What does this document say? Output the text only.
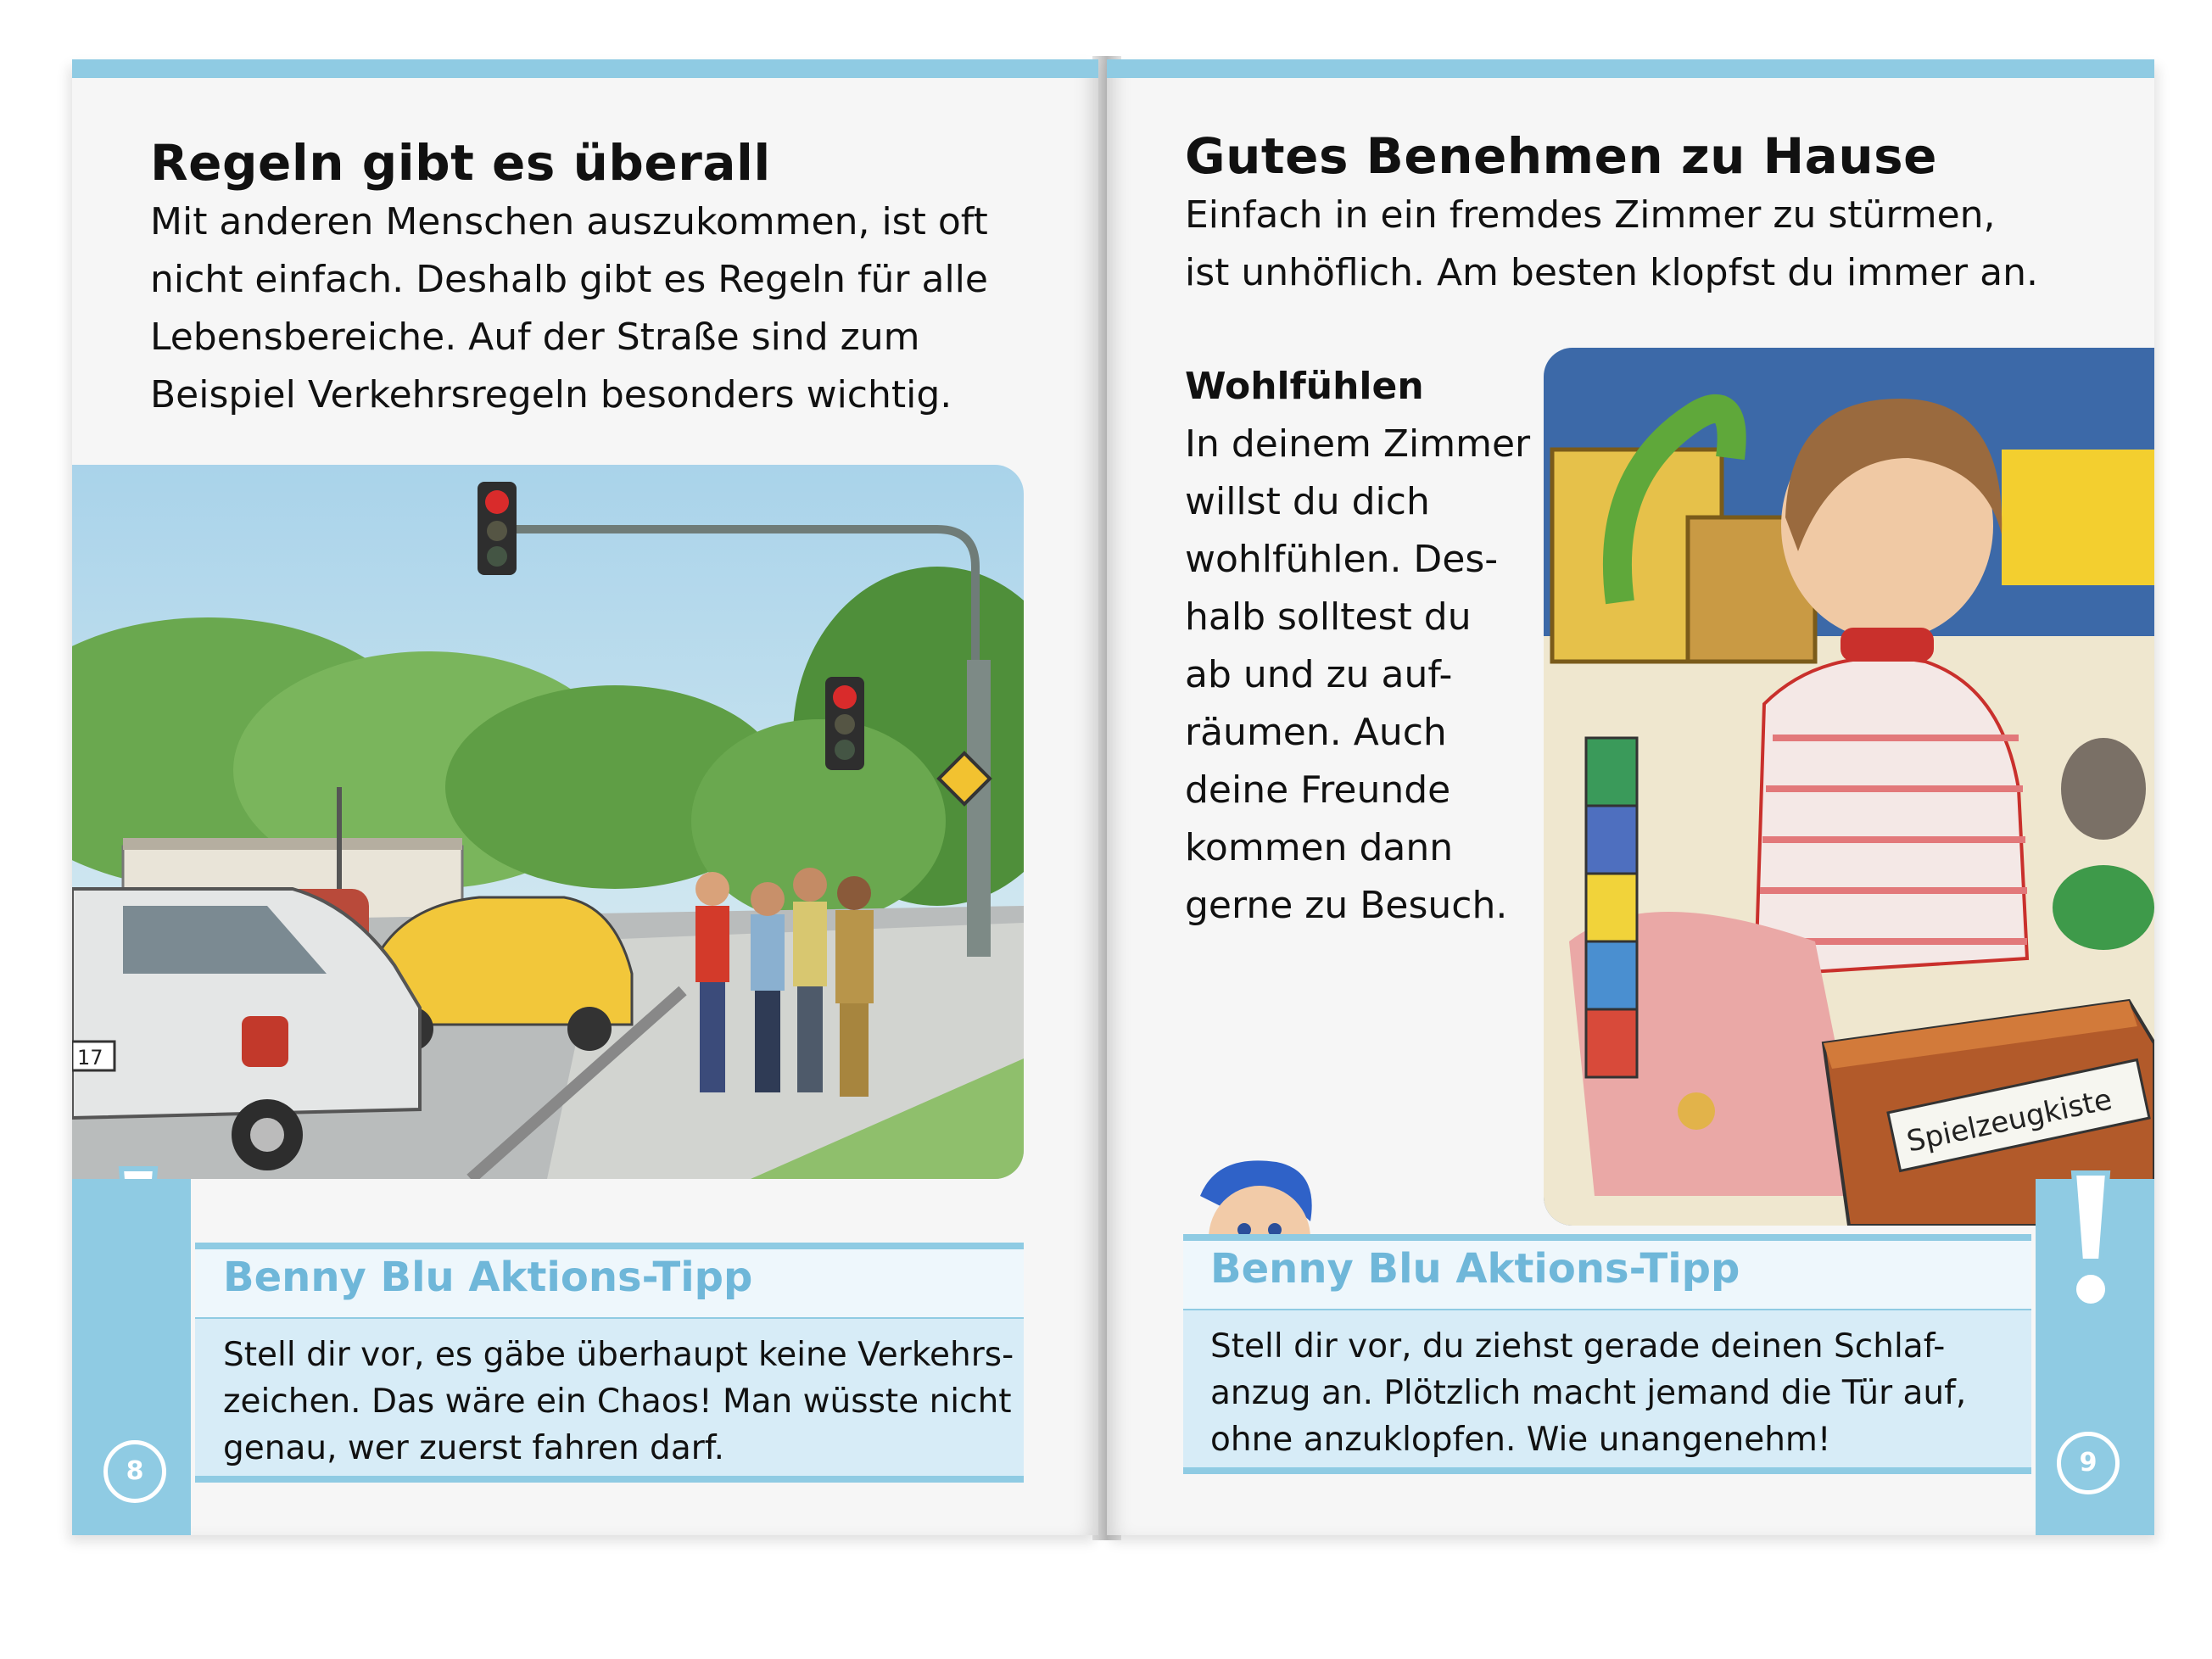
Regeln gibt es überall
Mit anderen Menschen auszukommen, ist oft
nicht einfach. Deshalb gibt es Regeln für alle
Lebensbereiche. Auf der Straße sind zum
Beispiel Verkehrsregeln besonders wichtig.
17
Benny Blu Aktions-Tipp
Stell dir vor, es gäbe überhaupt keine Verkehrs-
zeichen. Das wäre ein Chaos! Man wüsste nicht
genau, wer zuerst fahren darf.
8
Gutes Benehmen zu Hause
Einfach in ein fremdes Zimmer zu stürmen,
ist unhöflich. Am besten klopfst du immer an.
Wohlfühlen
In deinem Zimmer
willst du dich
wohlfühlen. Des-
halb solltest du
ab und zu auf-
räumen. Auch
deine Freunde
kommen dann
gerne zu Besuch.
Spielzeugkiste
Benny Blu Aktions-Tipp
Stell dir vor, du ziehst gerade deinen Schlaf-
anzug an. Plötzlich macht jemand die Tür auf,
ohne anzuklopfen. Wie unangenehm!
9
